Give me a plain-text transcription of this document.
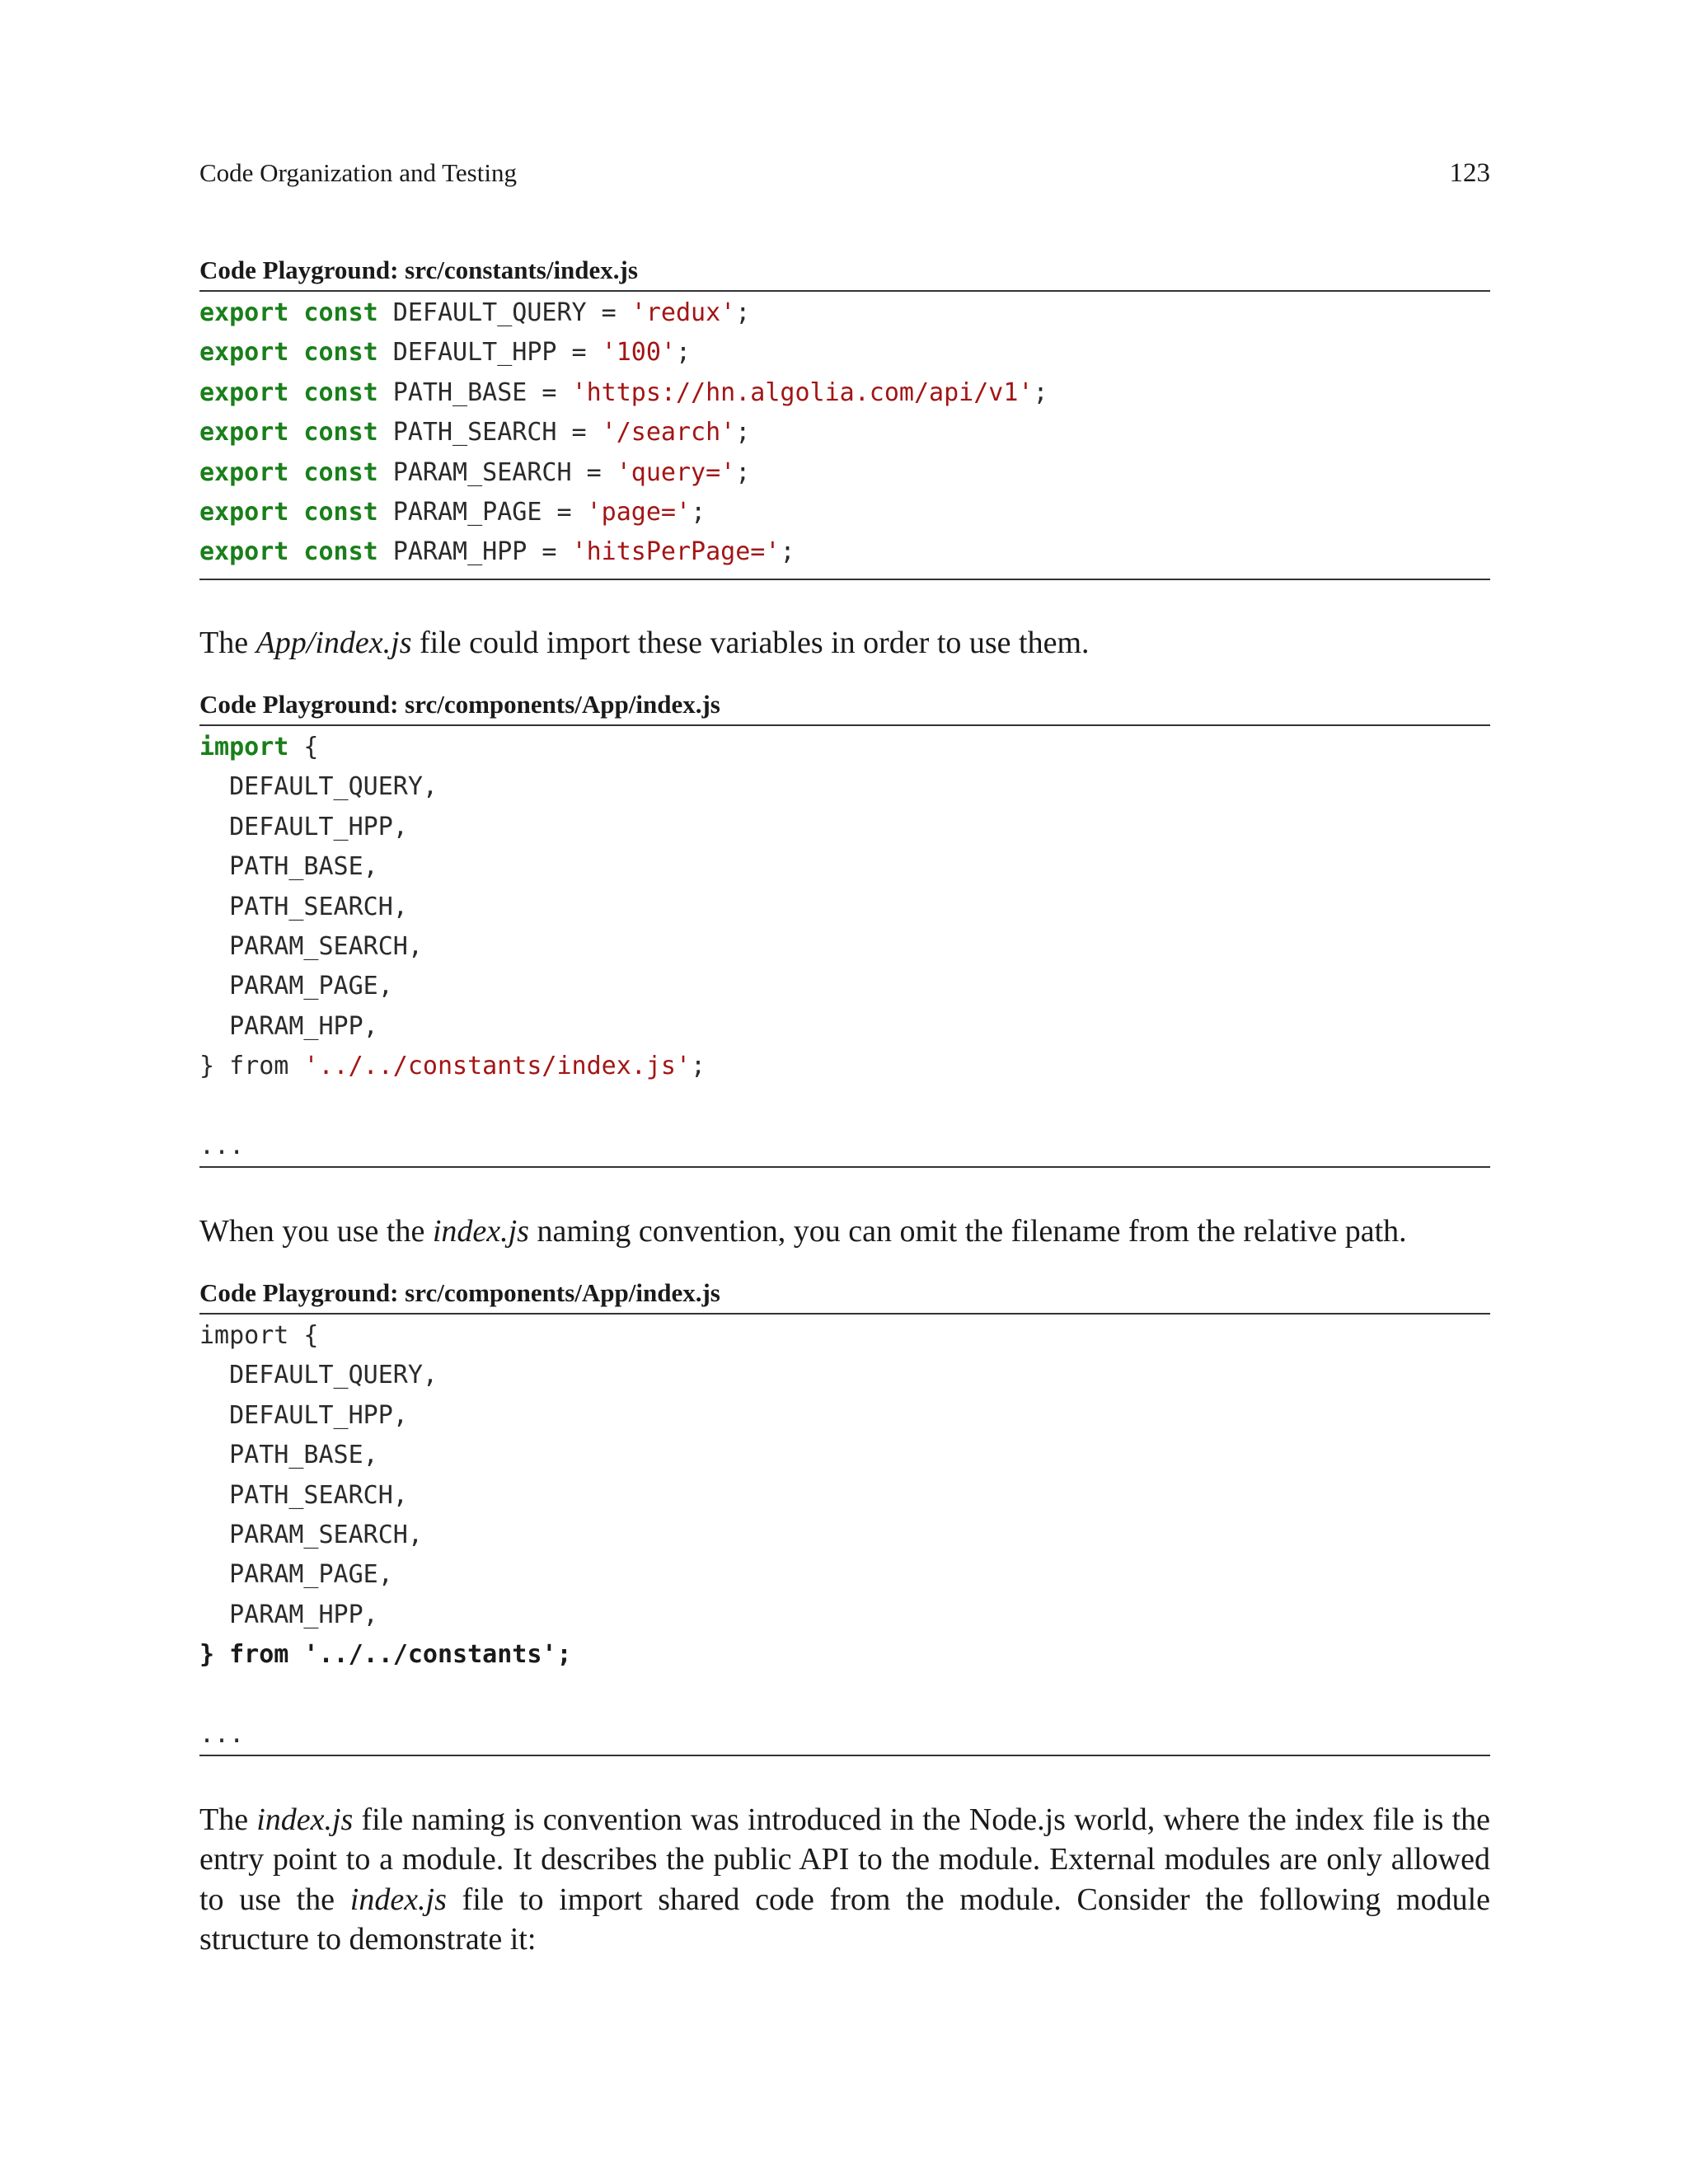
Code Organization and Testing	123
Code Playground: src/constants/index.js
export const DEFAULT_QUERY = 'redux';
export const DEFAULT_HPP = '100';
export const PATH_BASE = 'https://hn.algolia.com/api/v1';
export const PATH_SEARCH = '/search';
export const PARAM_SEARCH = 'query=';
export const PARAM_PAGE = 'page=';
export const PARAM_HPP = 'hitsPerPage=';
The App/index.js file could import these variables in order to use them.
Code Playground: src/components/App/index.js
import {
DEFAULT_QUERY,
DEFAULT_HPP,
PATH_BASE,
PATH_SEARCH,
PARAM_SEARCH,
PARAM_PAGE,
PARAM_HPP,
} from '../../constants/index.js';
...
When you use the index.js naming convention, you can omit the filename from the relative path.
Code Playground: src/components/App/index.js
import {
DEFAULT_QUERY,
DEFAULT_HPP,
PATH_BASE,
PATH_SEARCH,
PARAM_SEARCH,
PARAM_PAGE,
PARAM_HPP,
} from '../../constants';
...
The index.js file naming is convention was introduced in the Node.js world, where the index file is the entry point to a module. It describes the public API to the module. External modules are only allowed to use the index.js file to import shared code from the module. Consider the following module structure to demonstrate it:
